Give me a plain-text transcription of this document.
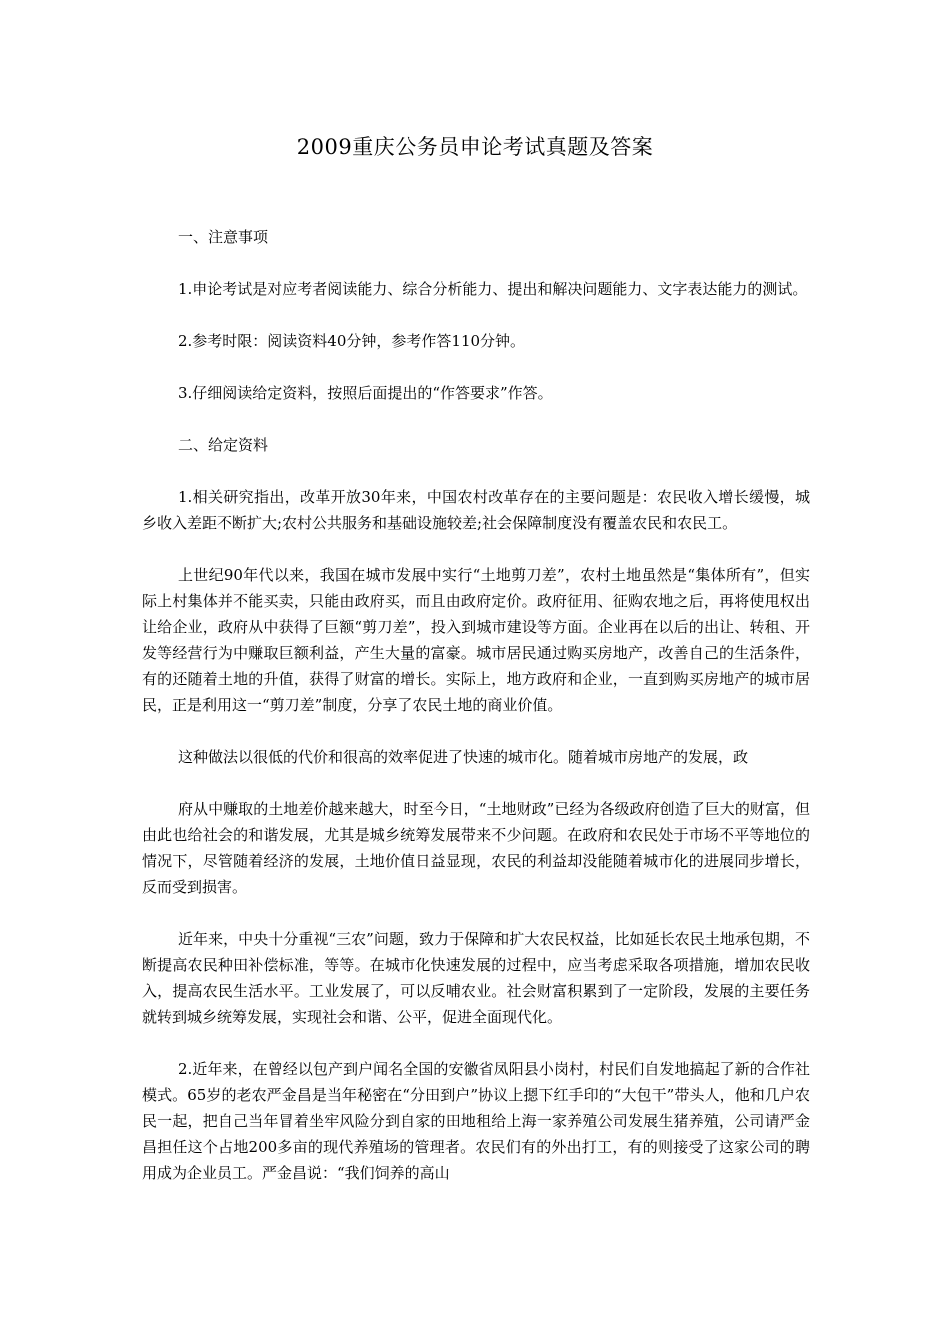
2009重庆公务员申论考试真题及答案

一、注意事项

1.申论考试是对应考者阅读能力、综合分析能力、提出和解决问题能力、文字表达能力的测试。

2.参考时限：阅读资料40分钟，参考作答110分钟。

3.仔细阅读给定资料，按照后面提出的“作答要求”作答。

二、给定资料

1.相关研究指出，改革开放30年来，中国农村改革存在的主要问题是：农民收入增长缓慢，城乡收入差距不断扩大;农村公共服务和基础设施较差;社会保障制度没有覆盖农民和农民工。

上世纪90年代以来，我国在城市发展中实行“土地剪刀差”，农村土地虽然是“集体所有”，但实际上村集体并不能买卖，只能由政府买，而且由政府定价。政府征用、征购农地之后，再将使甩权出让给企业，政府从中获得了巨额“剪刀差”，投入到城市建设等方面。企业再在以后的出让、转租、开发等经营行为中赚取巨额利益，产生大量的富豪。城市居民通过购买房地产，改善自己的生活条件，有的还随着土地的升值，获得了财富的增长。实际上，地方政府和企业，一直到购买房地产的城市居民，正是利用这一“剪刀差”制度，分享了农民土地的商业价值。

这种做法以很低的代价和很高的效率促进了快速的城市化。随着城市房地产的发展，政

府从中赚取的土地差价越来越大，时至今日，“土地财政”已经为各级政府创造了巨大的财富，但由此也给社会的和谐发展，尤其是城乡统筹发展带来不少问题。在政府和农民处于市场不平等地位的情况下，尽管随着经济的发展，土地价值日益显现，农民的利益却没能随着城市化的进展同步增长，反而受到损害。

近年来，中央十分重视“三农”问题，致力于保障和扩大农民权益，比如延长农民土地承包期，不断提高农民种田补偿标准，等等。在城市化快速发展的过程中，应当考虑采取各项措施，增加农民收入，提高农民生活水平。工业发展了，可以反哺农业。社会财富积累到了一定阶段，发展的主要任务就转到城乡统筹发展，实现社会和谐、公平，促进全面现代化。

2.近年来，在曾经以包产到户闻名全国的安徽省凤阳县小岗村，村民们自发地搞起了新的合作社模式。65岁的老农严金昌是当年秘密在“分田到户”协议上摁下红手印的“大包干”带头人，他和几户农民一起，把自己当年冒着坐牢风险分到自家的田地租给上海一家养殖公司发展生猪养殖，公司请严金昌担任这个占地200多亩的现代养殖场的管理者。农民们有的外出打工，有的则接受了这家公司的聘用成为企业员工。严金昌说：“我们饲养的高山
